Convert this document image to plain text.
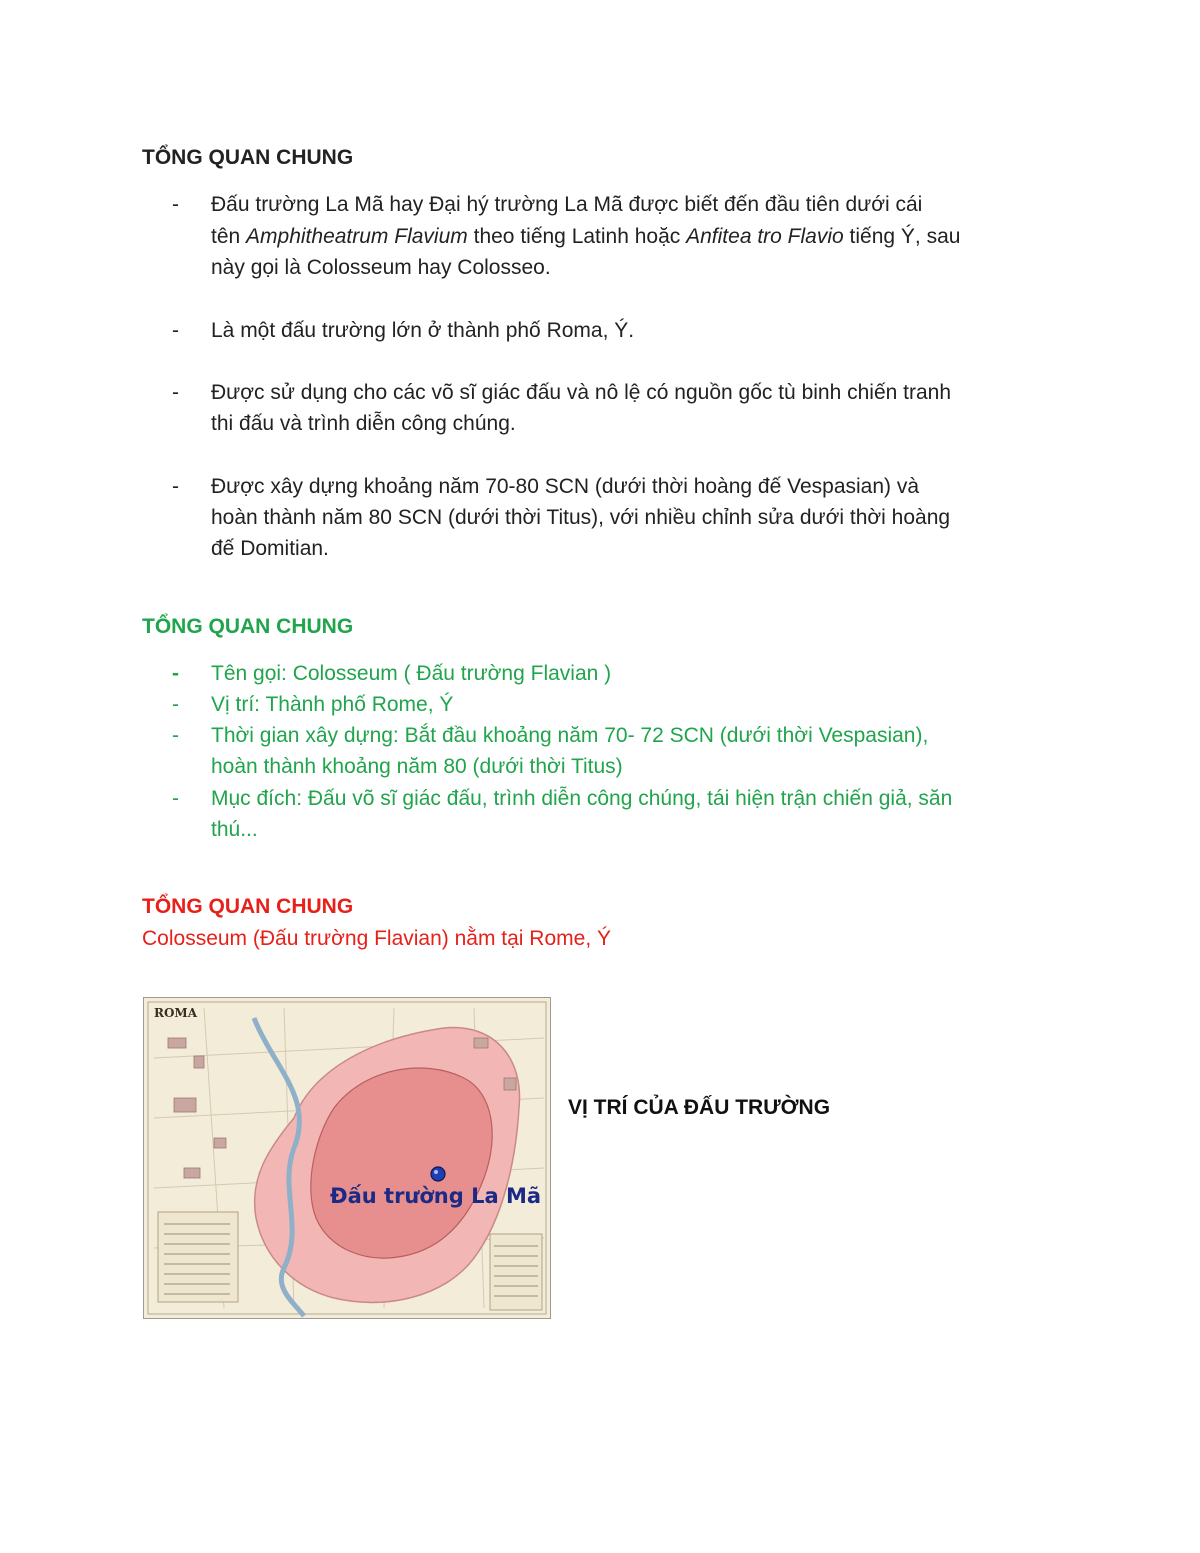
TỔNG QUAN CHUNG
- Đấu trường La Mã hay Đại hý trường La Mã được biết đến đầu tiên dưới cái

tên Amphitheatrum Flavium theo tiếng Latinh hoặc Anfitea tro Flavio tiếng Ý, sau

này gọi là Colosseum hay Colosseo.

- Là một đấu trường lớn ở thành phố Roma, Ý.

- Được sử dụng cho các võ sĩ giác đấu và nô lệ có nguồn gốc tù binh chiến tranh

thi đấu và trình diễn công chúng.

- Được xây dựng khoảng năm 70-80 SCN (dưới thời hoàng đế Vespasian) và

hoàn thành năm 80 SCN (dưới thời Titus), với nhiều chỉnh sửa dưới thời hoàng

đế Domitian.

TỔNG QUAN CHUNG
- Tên gọi: Colosseum ( Đấu trường Flavian )

- Vị trí: Thành phố Rome, Ý

- Thời gian xây dựng: Bắt đầu khoảng năm 70- 72 SCN (dưới thời Vespasian),

hoàn thành khoảng năm 80 (dưới thời Titus)

- Mục đích: Đấu võ sĩ giác đấu, trình diễn công chúng, tái hiện trận chiến giả, săn

thú...

TỔNG QUAN CHUNG

Colosseum (Đấu trường Flavian) nằm tại Rome, Ý

ROMA
Đấu trường La Mã

VỊ TRÍ CỦA ĐẤU TRƯỜNG
